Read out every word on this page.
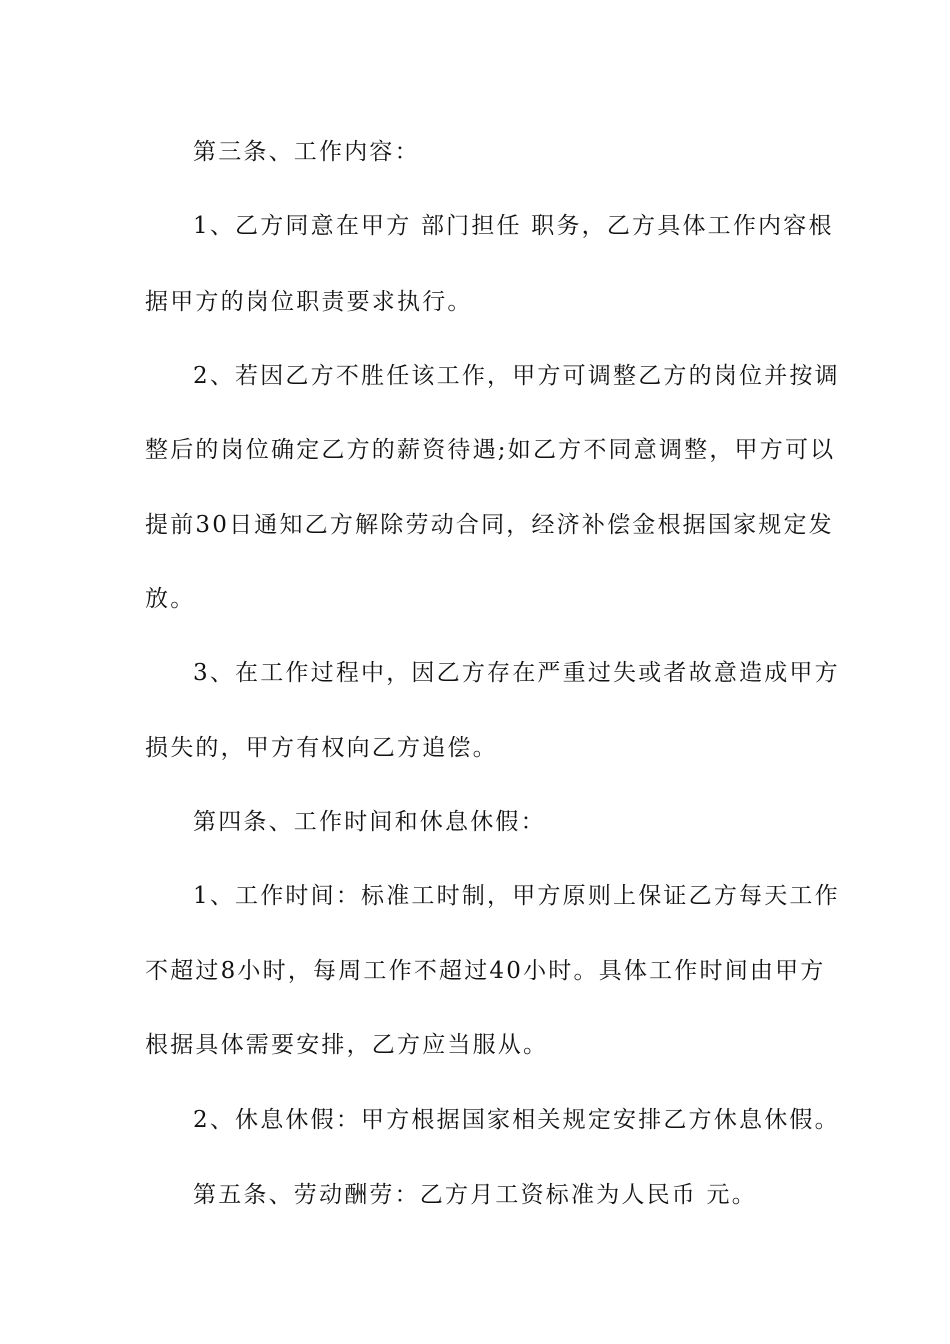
第三条、工作内容：
1、乙方同意在甲方 部门担任 职务，乙方具体工作内容根
据甲方的岗位职责要求执行。
2、若因乙方不胜任该工作，甲方可调整乙方的岗位并按调
整后的岗位确定乙方的薪资待遇;如乙方不同意调整，甲方可以
提前30日通知乙方解除劳动合同，经济补偿金根据国家规定发
放。
3、在工作过程中，因乙方存在严重过失或者故意造成甲方
损失的，甲方有权向乙方追偿。
第四条、工作时间和休息休假：
1、工作时间：标准工时制，甲方原则上保证乙方每天工作
不超过8小时，每周工作不超过40小时。具体工作时间由甲方
根据具体需要安排，乙方应当服从。
2、休息休假：甲方根据国家相关规定安排乙方休息休假。
第五条、劳动酬劳：乙方月工资标准为人民币 元。
